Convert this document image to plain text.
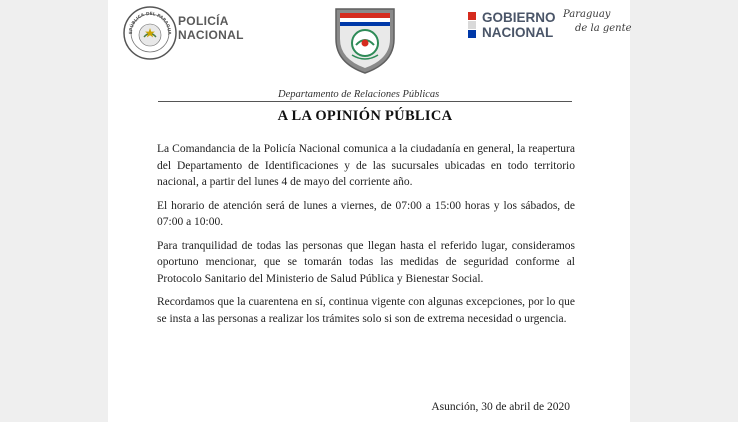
EPÚBLICA DEL PARAGUA
POLICÍA
NACIONAL
GOBIERNO
NACIONAL
Paraguay
de la gente
Departamento de Relaciones Públicas
A LA OPINIÓN PÚBLICA

La Comandancia de la Policía Nacional comunica a la ciudadanía en general, la reapertura del Departamento de Identificaciones y de las sucursales ubicadas en todo territorio nacional, a partir del lunes 4 de mayo del corriente año.

El horario de atención será de lunes a viernes, de 07:00 a 15:00 horas y los sábados, de 07:00 a 10:00.

Para tranquilidad de todas las personas que llegan hasta el referido lugar, consideramos oportuno mencionar, que se tomarán todas las medidas de seguridad conforme al Protocolo Sanitario del Ministerio de Salud Pública y Bienestar Social.

Recordamos que la cuarentena en sí, continua vigente con algunas excepciones, por lo que se insta a las personas a realizar los trámites solo si son de extrema necesidad o urgencia.

Asunción, 30 de abril de 2020
